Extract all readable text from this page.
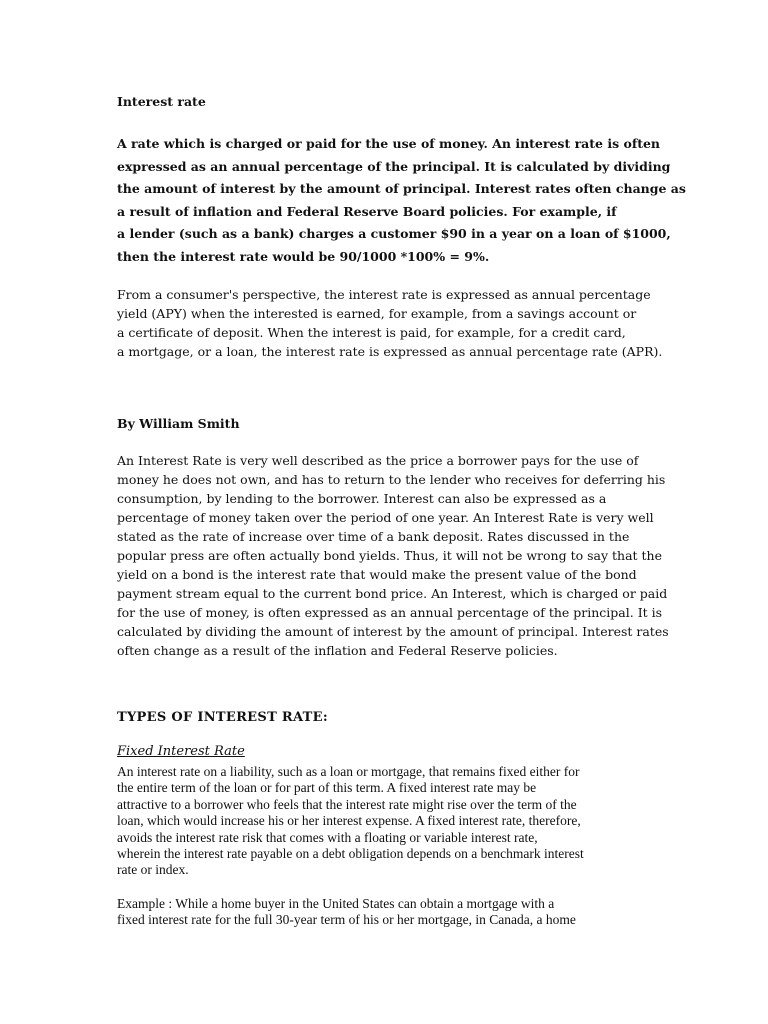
Interest rate
A rate which is charged or paid for the use of money. An interest rate is often
expressed as an annual percentage of the principal. It is calculated by dividing
the amount of interest by the amount of principal. Interest rates often change as
a result of inflation and Federal Reserve Board policies. For example, if
a lender (such as a bank) charges a customer $90 in a year on a loan of $1000,
then the interest rate would be 90/1000 *100% = 9%.
From a consumer's perspective, the interest rate is expressed as annual percentage
yield (APY) when the interested is earned, for example, from a savings account or
a certificate of deposit. When the interest is paid, for example, for a credit card,
a mortgage, or a loan, the interest rate is expressed as annual percentage rate (APR).
By William Smith
An Interest Rate is very well described as the price a borrower pays for the use of
money he does not own, and has to return to the lender who receives for deferring his
consumption, by lending to the borrower. Interest can also be expressed as a
percentage of money taken over the period of one year. An Interest Rate is very well
stated as the rate of increase over time of a bank deposit. Rates discussed in the
popular press are often actually bond yields. Thus, it will not be wrong to say that the
yield on a bond is the interest rate that would make the present value of the bond
payment stream equal to the current bond price. An Interest, which is charged or paid
for the use of money, is often expressed as an annual percentage of the principal. It is
calculated by dividing the amount of interest by the amount of principal. Interest rates
often change as a result of the inflation and Federal Reserve policies.
TYPES OF INTEREST RATE:
Fixed Interest Rate
An interest rate on a liability, such as a loan or mortgage, that remains fixed either for
the entire term of the loan or for part of this term. A fixed interest rate may be
attractive to a borrower who feels that the interest rate might rise over the term of the
loan, which would increase his or her interest expense. A fixed interest rate, therefore,
avoids the interest rate risk that comes with a floating or variable interest rate,
wherein the interest rate payable on a debt obligation depends on a benchmark interest
rate or index.
Example : While a home buyer in the United States can obtain a mortgage with a
fixed interest rate for the full 30-year term of his or her mortgage, in Canada, a home
